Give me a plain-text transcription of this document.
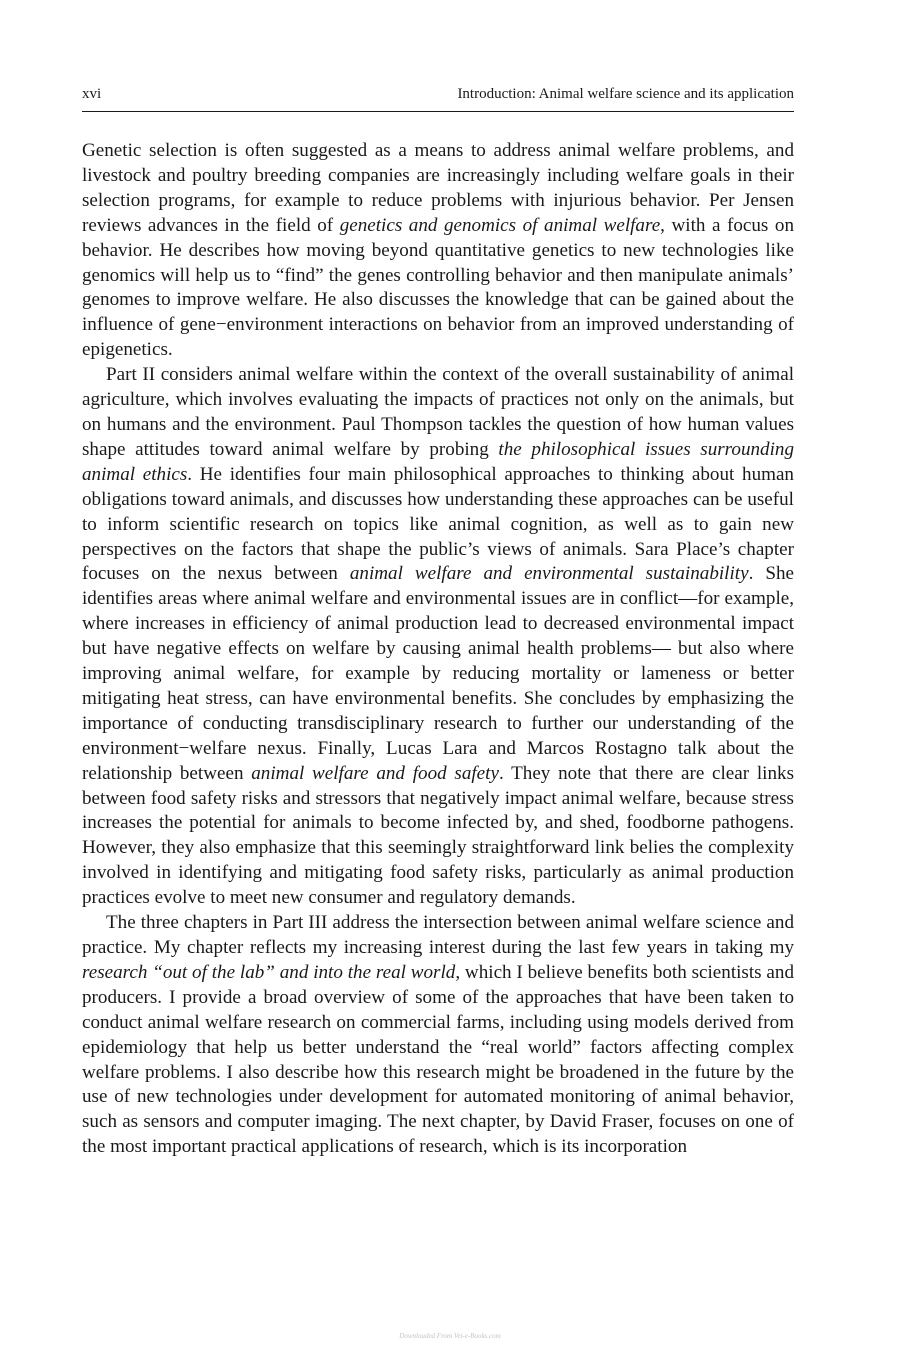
xvi	Introduction: Animal welfare science and its application

Genetic selection is often suggested as a means to address animal welfare problems, and livestock and poultry breeding companies are increasingly including welfare goals in their selection programs, for example to reduce problems with injurious behavior. Per Jensen reviews advances in the field of genetics and genomics of animal welfare, with a focus on behavior. He describes how moving beyond quantitative genetics to new technologies like genomics will help us to “find” the genes controlling behavior and then manipulate animals’ genomes to improve welfare. He also discusses the knowledge that can be gained about the influence of gene−environment interactions on behavior from an improved understanding of epigenetics.

Part II considers animal welfare within the context of the overall sustainability of animal agriculture, which involves evaluating the impacts of practices not only on the animals, but on humans and the environment. Paul Thompson tackles the question of how human values shape attitudes toward animal welfare by probing the philosophical issues surrounding animal ethics. He identifies four main philosophical approaches to thinking about human obligations toward animals, and discusses how understanding these approaches can be useful to inform scientific research on topics like animal cognition, as well as to gain new perspectives on the factors that shape the public’s views of animals. Sara Place’s chapter focuses on the nexus between animal welfare and environmental sustainability. She identifies areas where animal welfare and environmental issues are in conflict—for example, where increases in efficiency of animal production lead to decreased environmental impact but have negative effects on welfare by causing animal health problems— but also where improving animal welfare, for example by reducing mortality or lameness or better mitigating heat stress, can have environmental benefits. She concludes by emphasizing the importance of conducting transdisciplinary research to further our understanding of the environment−welfare nexus. Finally, Lucas Lara and Marcos Rostagno talk about the relationship between animal welfare and food safety. They note that there are clear links between food safety risks and stressors that negatively impact animal welfare, because stress increases the potential for animals to become infected by, and shed, foodborne pathogens. However, they also emphasize that this seemingly straightforward link belies the complexity involved in identifying and mitigating food safety risks, particularly as animal production practices evolve to meet new consumer and regulatory demands.

The three chapters in Part III address the intersection between animal welfare science and practice. My chapter reflects my increasing interest during the last few years in taking my research “out of the lab” and into the real world, which I believe benefits both scientists and producers. I provide a broad overview of some of the approaches that have been taken to conduct animal welfare research on commercial farms, including using models derived from epidemiology that help us better understand the “real world” factors affecting complex welfare problems. I also describe how this research might be broadened in the future by the use of new technologies under development for automated monitoring of animal behavior, such as sensors and computer imaging. The next chapter, by David Fraser, focuses on one of the most important practical applications of research, which is its incorporation

Downloaded From Vet-e-Books.com
